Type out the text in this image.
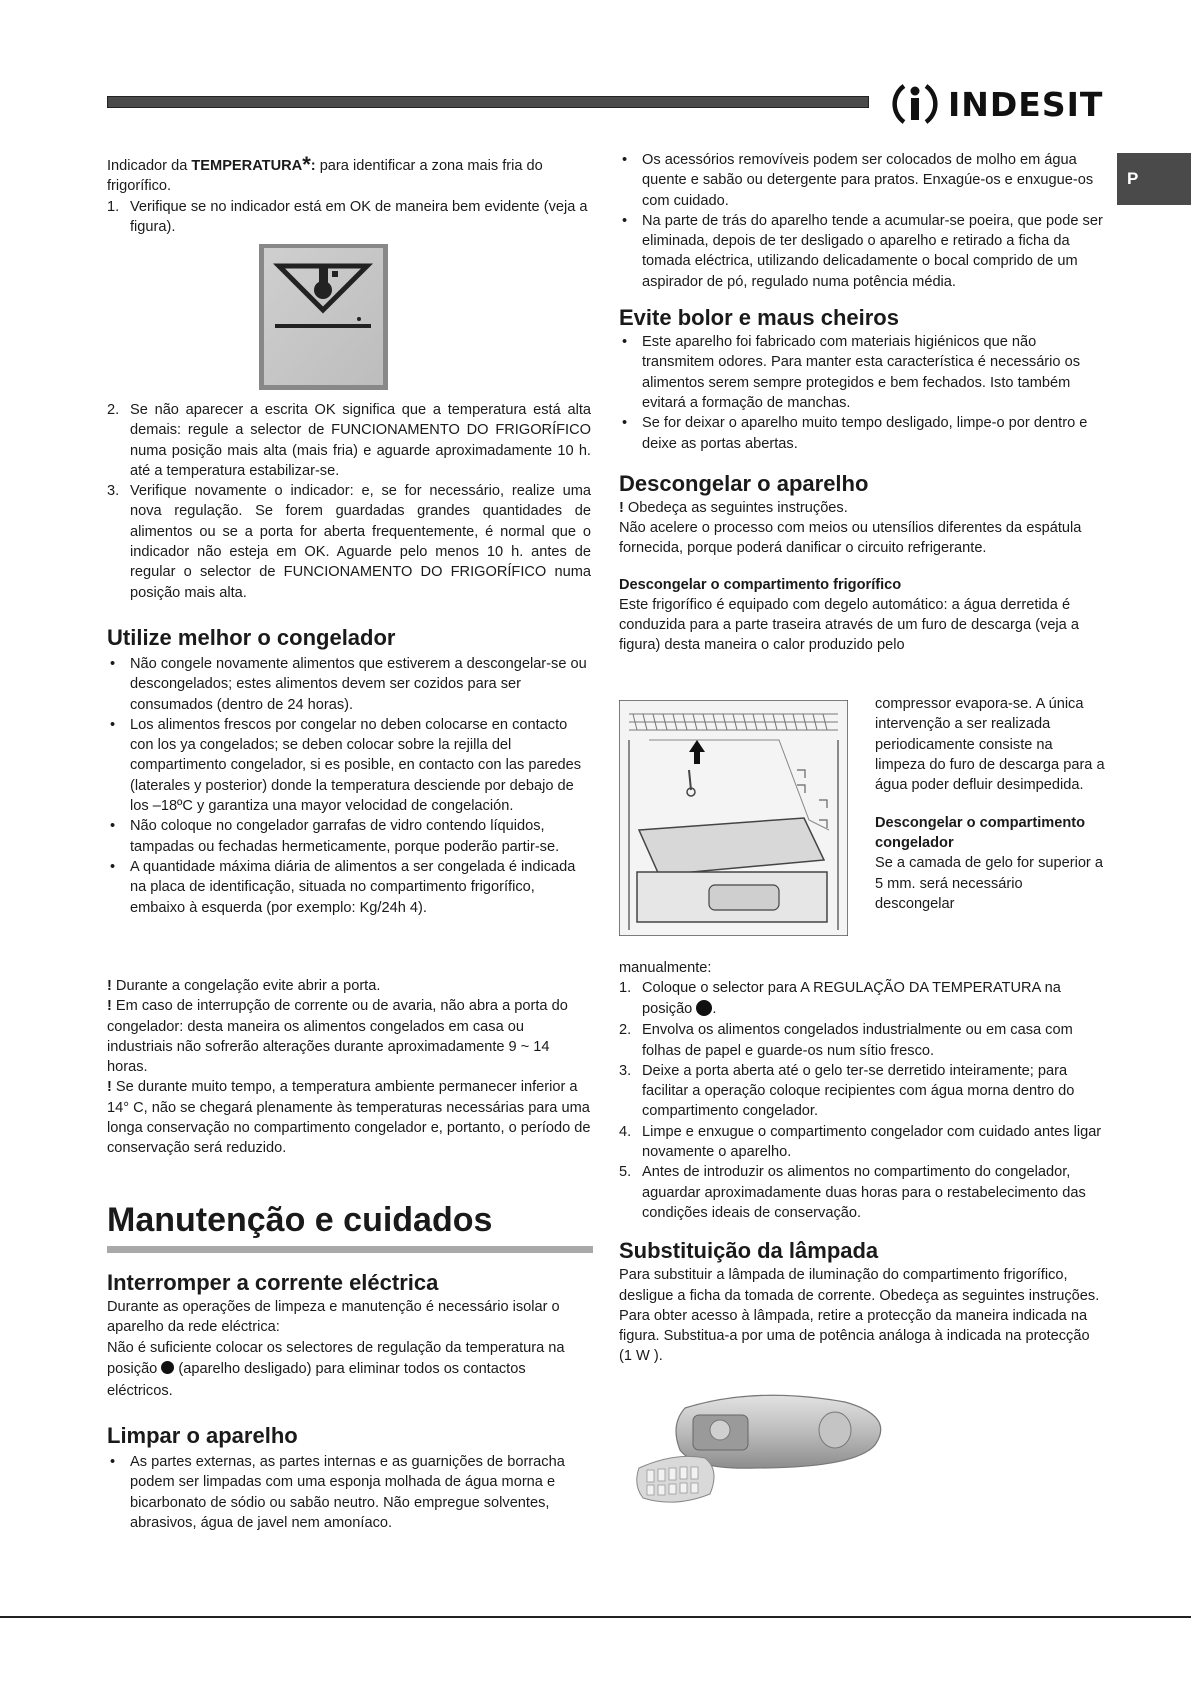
INDESIT
P

Indicador da TEMPERATURA*: para identificar a zona mais fria do frigorífico.

1. Verifique se no indicador está em OK de maneira bem evidente (veja a figura).
2. Se não aparecer a escrita OK significa que a temperatura está alta demais: regule a selector de FUNCIONAMENTO DO FRIGORÍFICO numa posição mais alta (mais fria) e aguarde aproximadamente 10 h. até a temperatura estabilizar-se.
3. Verifique novamente o indicador: e, se for necessário, realize uma nova regulação. Se forem guardadas grandes quantidades de alimentos ou se a porta for aberta frequentemente, é normal que o indicador não esteja em OK. Aguarde pelo menos 10 h. antes de regular o selector de FUNCIONAMENTO DO FRIGORÍFICO numa posição mais alta.
Utilize melhor o congelador
• Não congele novamente alimentos que estiverem a descongelar-se ou descongelados; estes alimentos devem ser cozidos para ser consumados (dentro de 24 horas).
• Los alimentos frescos por congelar no deben colocarse en contacto con los ya congelados; se deben colocar sobre la rejilla del compartimento congelador, si es posible, en contacto con las paredes (laterales y posterior) donde la temperatura desciende por debajo de los –18ºC y garantiza una mayor velocidad de congelación.
• Não coloque no congelador garrafas de vidro contendo líquidos, tampadas ou fechadas hermeticamente, porque poderão partir-se.
• A quantidade máxima diária de alimentos a ser congelada é indicada na placa de identificação, situada no compartimento frigorífico, embaixo à esquerda (por exemplo: Kg/24h 4).

! Durante a congelação evite abrir a porta.

! Em caso de interrupção de corrente ou de avaria, não abra a porta do congelador: desta maneira os alimentos congelados em casa ou industriais não sofrerão alterações durante aproximadamente 9 ~ 14 horas.

! Se durante muito tempo, a temperatura ambiente permanecer inferior a 14° C, não se chegará plenamente às temperaturas necessárias para uma longa conservação no compartimento congelador e, portanto, o período de conservação será reduzido.

Manutenção e cuidados
Interromper a corrente eléctrica

Durante as operações de limpeza e manutenção é necessário isolar o aparelho da rede eléctrica:

Não é suficiente colocar os selectores de regulação da temperatura na posição  (aparelho desligado) para eliminar todos os contactos eléctricos.

Limpar o aparelho
• As partes externas, as partes internas e as guarnições de borracha podem ser limpadas com uma esponja molhada de água morna e bicarbonato de sódio ou sabão neutro. Não empregue solventes, abrasivos, água de javel nem amoníaco.
• Os acessórios removíveis podem ser colocados de molho em água quente e sabão ou detergente para pratos. Enxagúe-os e enxugue-os com cuidado.
• Na parte de trás do aparelho tende a acumular-se poeira, que pode ser eliminada, depois de ter desligado o aparelho e retirado a ficha da tomada eléctrica, utilizando delicadamente o bocal comprido de um aspirador de pó, regulado numa potência média.
Evite bolor e maus cheiros
• Este aparelho foi fabricado com materiais higiénicos que não transmitem odores. Para manter esta característica é necessário os alimentos serem sempre protegidos e bem fechados. Isto também evitará a formação de manchas.
• Se for deixar o aparelho muito tempo desligado, limpe-o por dentro e deixe as portas abertas.
Descongelar o aparelho

! Obedeça as seguintes instruções.

Não acelere o processo com meios ou utensílios diferentes da espátula fornecida, porque poderá danificar o circuito refrigerante.

Descongelar o compartimento frigorífico

Este frigorífico é equipado com degelo automático: a água derretida é conduzida para a parte traseira através de um furo de descarga (veja a figura) desta maneira o calor produzido pelo

compressor evapora-se. A única intervenção a ser realizada periodicamente consiste na limpeza do furo de descarga para a água poder defluir desimpedida.

Descongelar o compartimento congelador

Se a camada de gelo for superior a 5 mm. será necessário descongelar

manualmente:

1. Coloque o selector para A REGULAÇÃO DA TEMPERATURA na posição .
2. Envolva os alimentos congelados industrialmente ou em casa com folhas de papel e guarde-os num sítio fresco.
3. Deixe a porta aberta até o gelo ter-se derretido inteiramente; para facilitar a operação coloque recipientes com água morna dentro do compartimento congelador.
4. Limpe e enxugue o compartimento congelador com cuidado antes ligar novamente o aparelho.
5. Antes de introduzir os alimentos no compartimento do congelador, aguardar aproximadamente duas horas para o restabelecimento das condições ideais de conservação.
Substituição da lâmpada

Para substituir a lâmpada de iluminação do compartimento frigorífico, desligue a ficha da tomada de corrente. Obedeça as seguintes instruções. Para obter acesso à lâmpada, retire a protecção da maneira indicada na figura. Substitua-a por uma de potência análoga à indicada na protecção (1 W ).
